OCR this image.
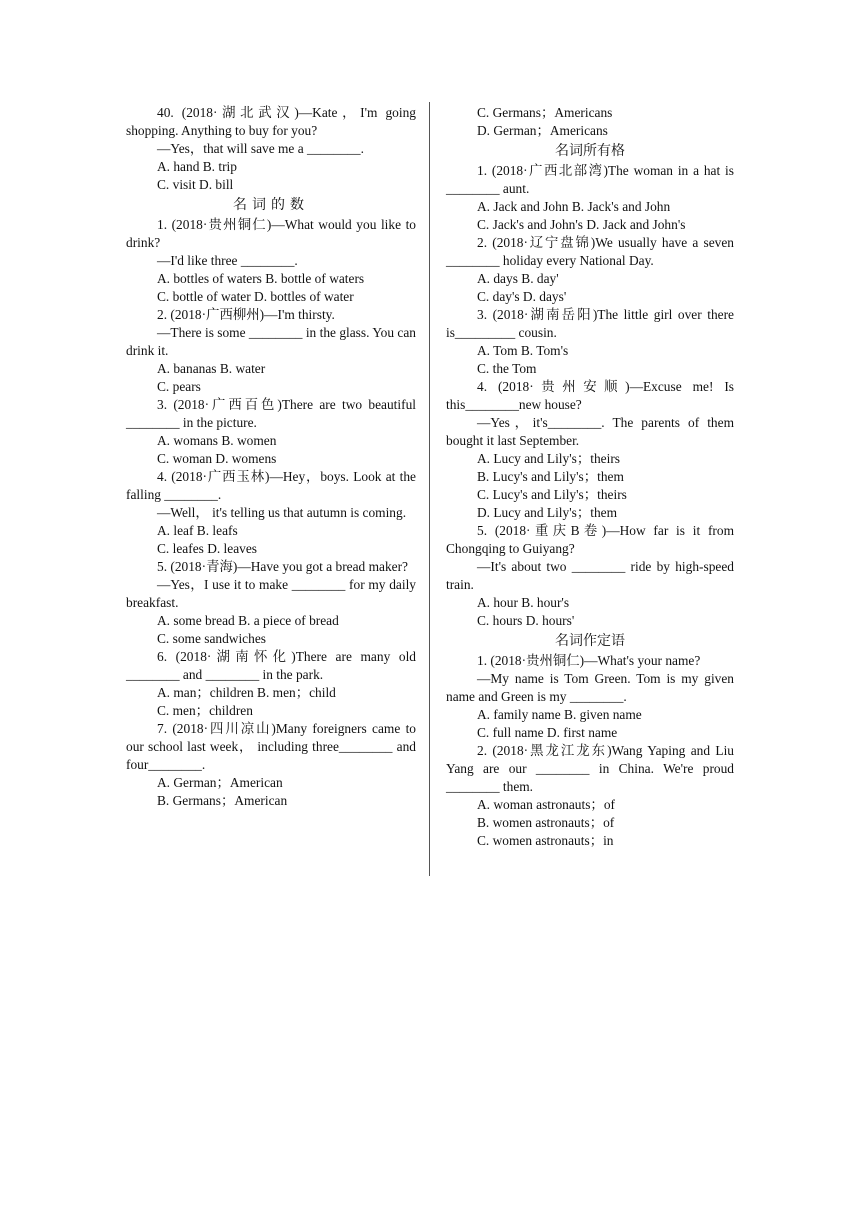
40. (2018·湖北武汉)—Kate，I'm going shopping. Anything to buy for you?

—Yes，that will save me a ________.

A. hand B. trip

C. visit D. bill

名词的数

1. (2018·贵州铜仁)—What would you like to drink?

—I'd like three ________.

A. bottles of waters B. bottle of waters

C. bottle of water D. bottles of water

2. (2018·广西柳州)—I'm thirsty.

—There is some ________ in the glass. You can drink it.

A. bananas B. water

C. pears

3. (2018·广西百色)There are two beautiful ________ in the picture.

A. womans B. women

C. woman D. womens

4. (2018·广西玉林)—Hey，boys. Look at the falling ________.

—Well， it's telling us that autumn is coming.

A. leaf B. leafs

C. leafes D. leaves

5. (2018·青海)—Have you got a bread maker?

—Yes，I use it to make ________ for my daily breakfast.

A. some bread B. a piece of bread

C. some sandwiches

6. (2018·湖南怀化)There are many old ________ and ________ in the park.

A. man；children B. men；child

C. men；children

7. (2018·四川凉山)Many foreigners came to our school last week， including three________ and four________.

A. German；American

B. Germans；American

C. Germans；Americans

D. German；Americans

名词所有格

1. (2018·广西北部湾)The woman in a hat is ________ aunt.

A. Jack and John B. Jack's and John

C. Jack's and John's D. Jack and John's

2. (2018·辽宁盘锦)We usually have a seven ________ holiday every National Day.

A. days B. day'

C. day's D. days'

3. (2018·湖南岳阳)The little girl over there is_________ cousin.

A. Tom B. Tom's

C. the Tom

4. (2018·贵州安顺)—Excuse me! Is this________new house?

—Yes，it's________. The parents of them bought it last September.

A. Lucy and Lily's；theirs

B. Lucy's and Lily's；them

C. Lucy's and Lily's；theirs

D. Lucy and Lily's；them

5. (2018·重庆B卷)—How far is it from Chongqing to Guiyang?

—It's about two ________ ride by high-speed train.

A. hour B. hour's

C. hours D. hours'

名词作定语

1. (2018·贵州铜仁)—What's your name?

—My name is Tom Green. Tom is my given name and Green is my ________.

A. family name B. given name

C. full name D. first name

2. (2018·黑龙江龙东)Wang Yaping and Liu Yang are our ________ in China. We're proud ________ them.

A. woman astronauts；of

B. women astronauts；of

C. women astronauts；in
